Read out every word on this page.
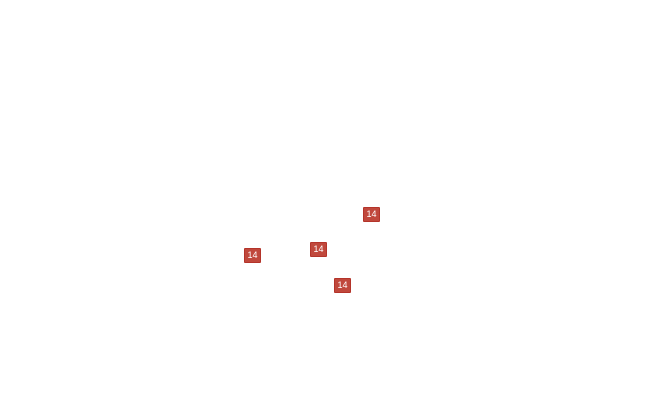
14
14
14
14
